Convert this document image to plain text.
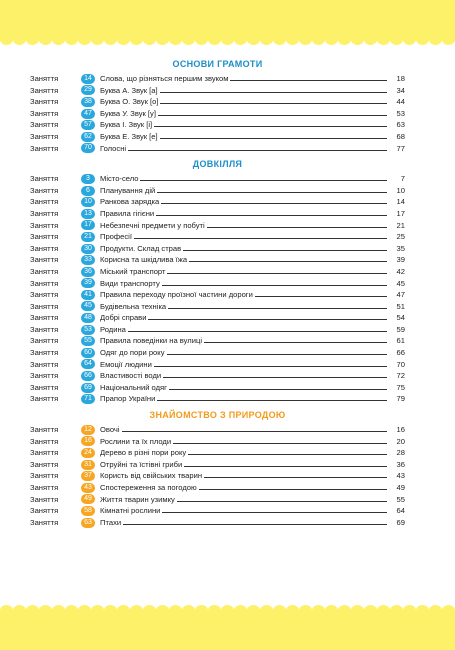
ОСНОВИ ГРАМОТИ
Заняття	14	Слова, що різняться першим звуком	18
Заняття	29	Буква А. Звук [а]	34
Заняття	38	Буква О. Звук [о]	44
Заняття	47	Буква У. Звук [у]	53
Заняття	57	Буква І. Звук [і]	63
Заняття	62	Буква Е. Звук [е]	68
Заняття	70	Голосні	77
ДОВКІЛЛЯ
Заняття	3	Місто-село	7
Заняття	6	Планування дій	10
Заняття	10	Ранкова зарядка	14
Заняття	13	Правила гігієни	17
Заняття	17	Небезпечні предмети у побуті	21
Заняття	21	Професії	25
Заняття	30	Продукти. Склад страв	35
Заняття	33	Корисна та шкідлива їжа	39
Заняття	36	Міський транспорт	42
Заняття	39	Види транспорту	45
Заняття	41	Правила переходу проїзної частини дороги	47
Заняття	45	Будівельна техніка	51
Заняття	48	Добрі справи	54
Заняття	53	Родина	59
Заняття	55	Правила поведінки на вулиці	61
Заняття	60	Одяг до пори року	66
Заняття	64	Емоції людини	70
Заняття	66	Властивості води	72
Заняття	69	Національний одяг	75
Заняття	71	Прапор України	79
ЗНАЙОМСТВО З ПРИРОДОЮ
Заняття	12	Овочі	16
Заняття	16	Рослини та їх плоди	20
Заняття	24	Дерево в різні пори року	28
Заняття	31	Отруйні та їстівні гриби	36
Заняття	37	Користь від свійських тварин	43
Заняття	43	Спостереження за погодою	49
Заняття	49	Життя тварин узимку	55
Заняття	58	Кімнатні рослини	64
Заняття	63	Птахи	69
